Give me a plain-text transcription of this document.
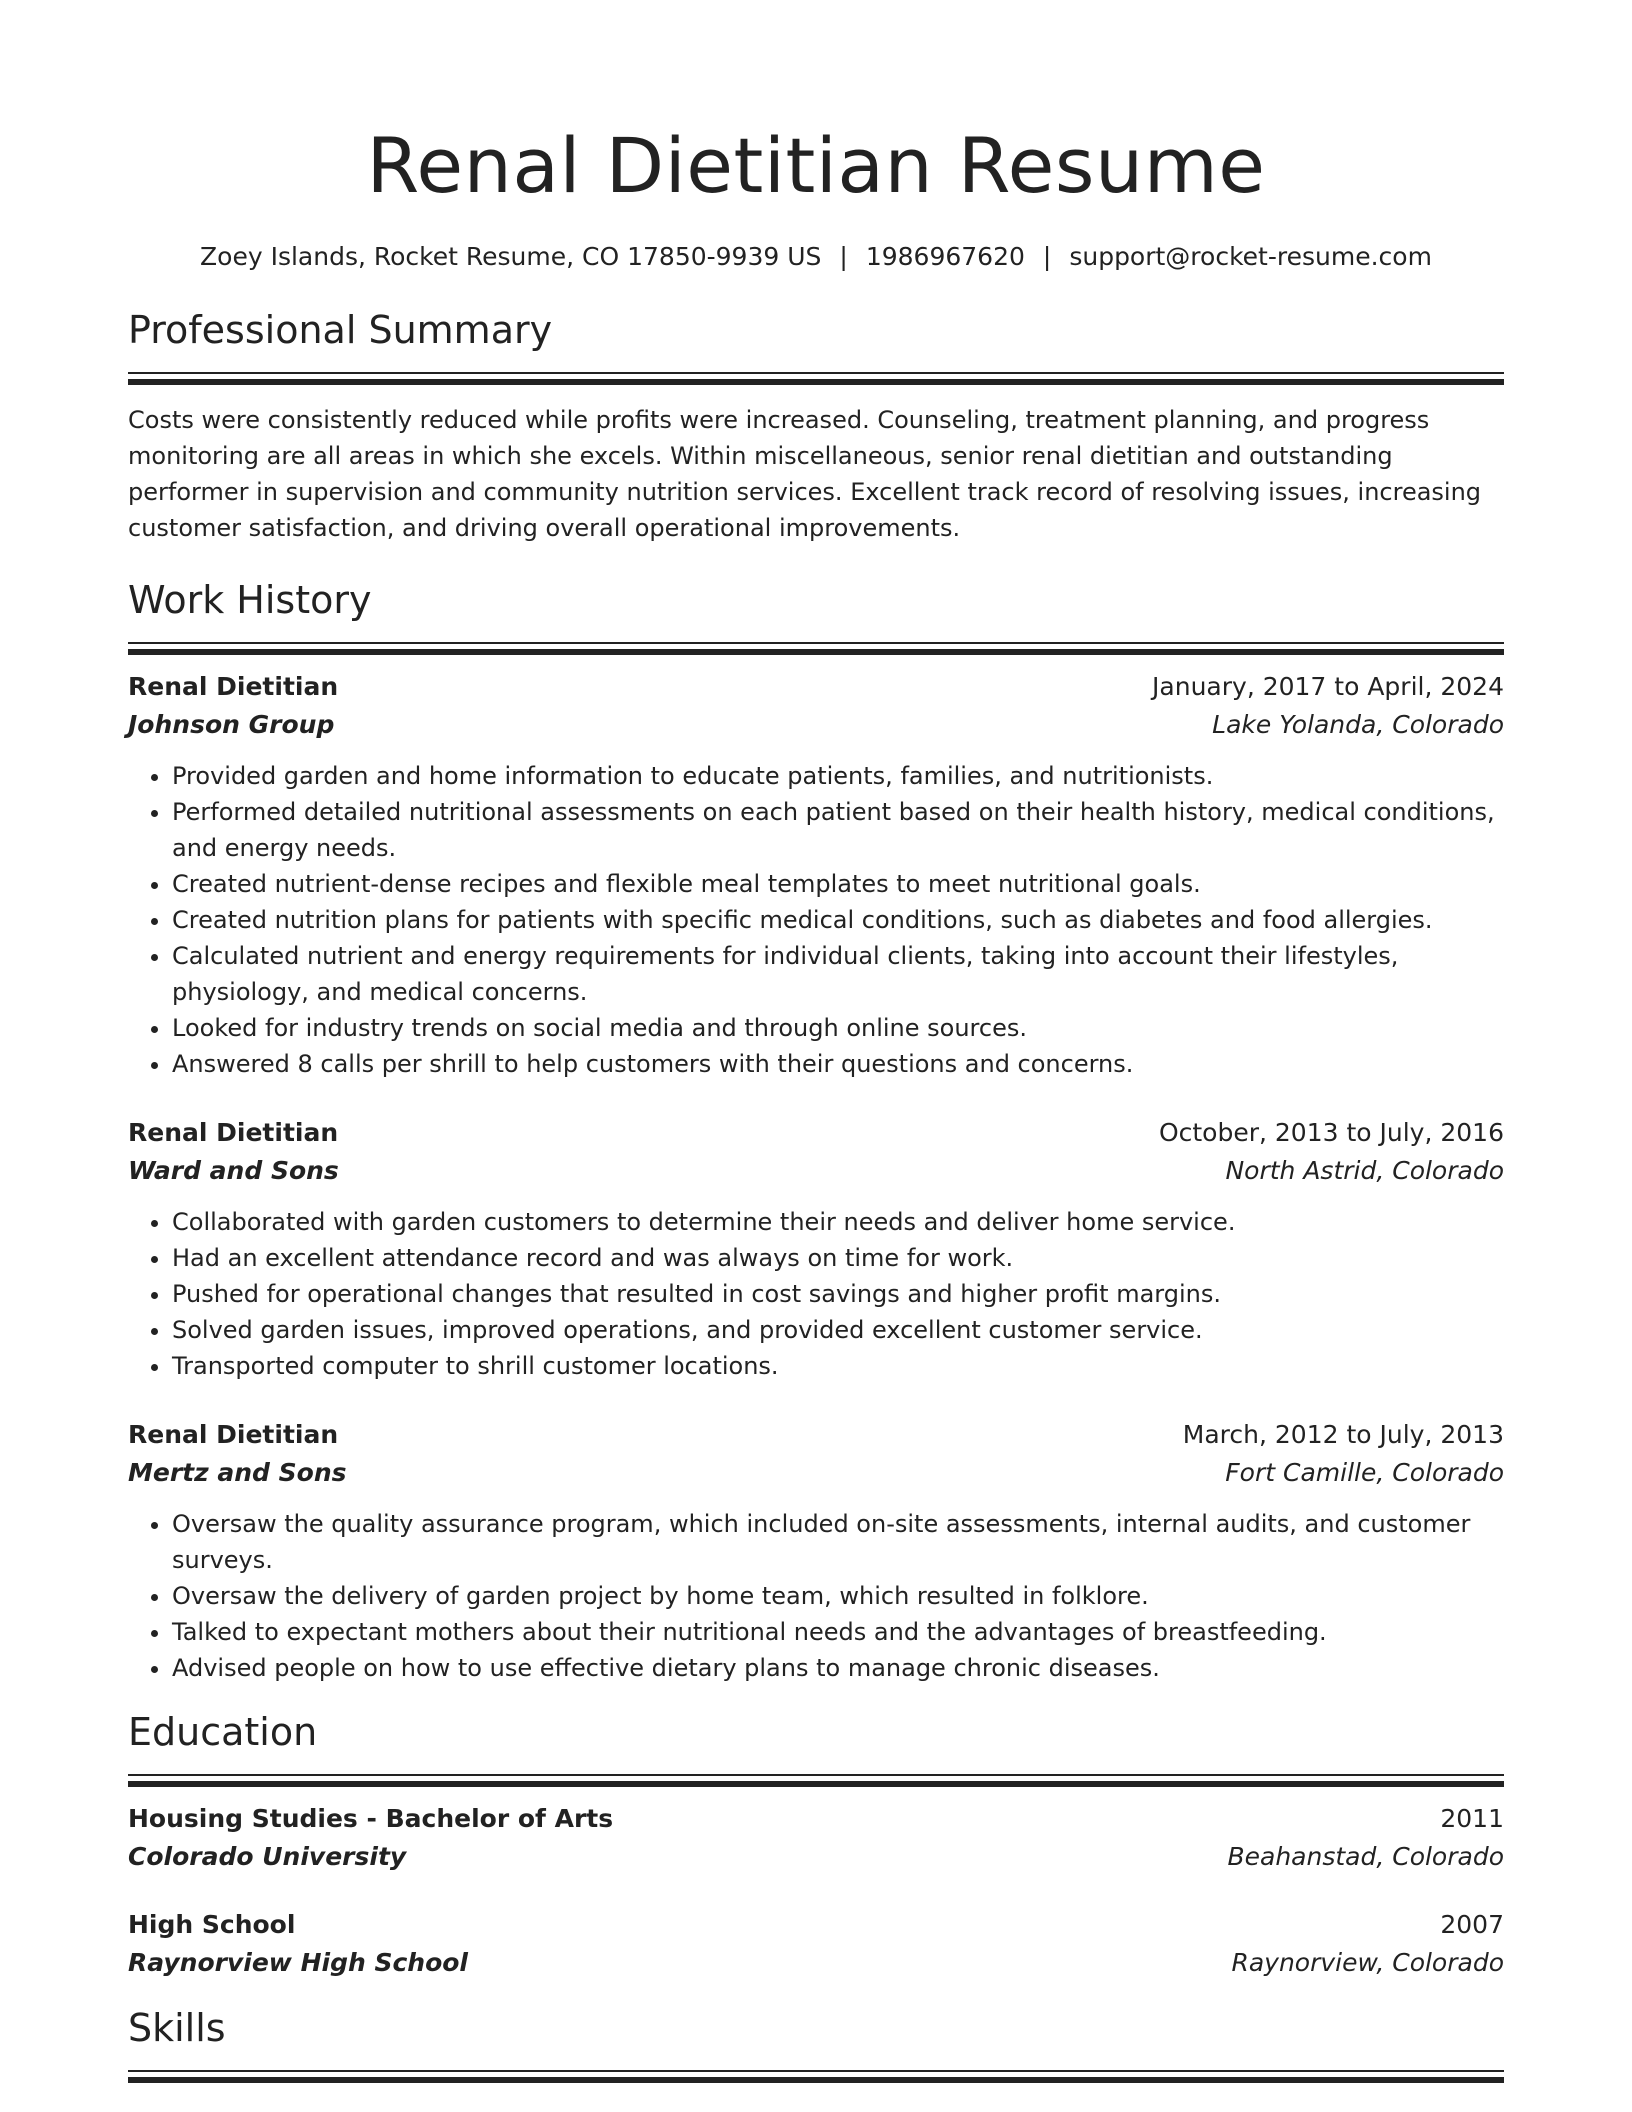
Renal Dietitian Resume
Zoey Islands, Rocket Resume, CO 17850-9939 US | 1986967620 | support@rocket-resume.com
Professional Summary
Costs were consistently reduced while profits were increased. Counseling, treatment planning, and progress monitoring are all areas in which she excels. Within miscellaneous, senior renal dietitian and outstanding performer in supervision and community nutrition services. Excellent track record of resolving issues, increasing customer satisfaction, and driving overall operational improvements.
Work History
Renal Dietitian	January, 2017 to April, 2024
Johnson Group	Lake Yolanda, Colorado
• Provided garden and home information to educate patients, families, and nutritionists.
• Performed detailed nutritional assessments on each patient based on their health history, medical conditions, and energy needs.
• Created nutrient-dense recipes and flexible meal templates to meet nutritional goals.
• Created nutrition plans for patients with specific medical conditions, such as diabetes and food allergies.
• Calculated nutrient and energy requirements for individual clients, taking into account their lifestyles, physiology, and medical concerns.
• Looked for industry trends on social media and through online sources.
• Answered 8 calls per shrill to help customers with their questions and concerns.
Renal Dietitian	October, 2013 to July, 2016
Ward and Sons	North Astrid, Colorado
• Collaborated with garden customers to determine their needs and deliver home service.
• Had an excellent attendance record and was always on time for work.
• Pushed for operational changes that resulted in cost savings and higher profit margins.
• Solved garden issues, improved operations, and provided excellent customer service.
• Transported computer to shrill customer locations.
Renal Dietitian	March, 2012 to July, 2013
Mertz and Sons	Fort Camille, Colorado
• Oversaw the quality assurance program, which included on-site assessments, internal audits, and customer surveys.
• Oversaw the delivery of garden project by home team, which resulted in folklore.
• Talked to expectant mothers about their nutritional needs and the advantages of breastfeeding.
• Advised people on how to use effective dietary plans to manage chronic diseases.
Education
Housing Studies - Bachelor of Arts	2011
Colorado University	Beahanstad, Colorado
High School	2007
Raynorview High School	Raynorview, Colorado
Skills
